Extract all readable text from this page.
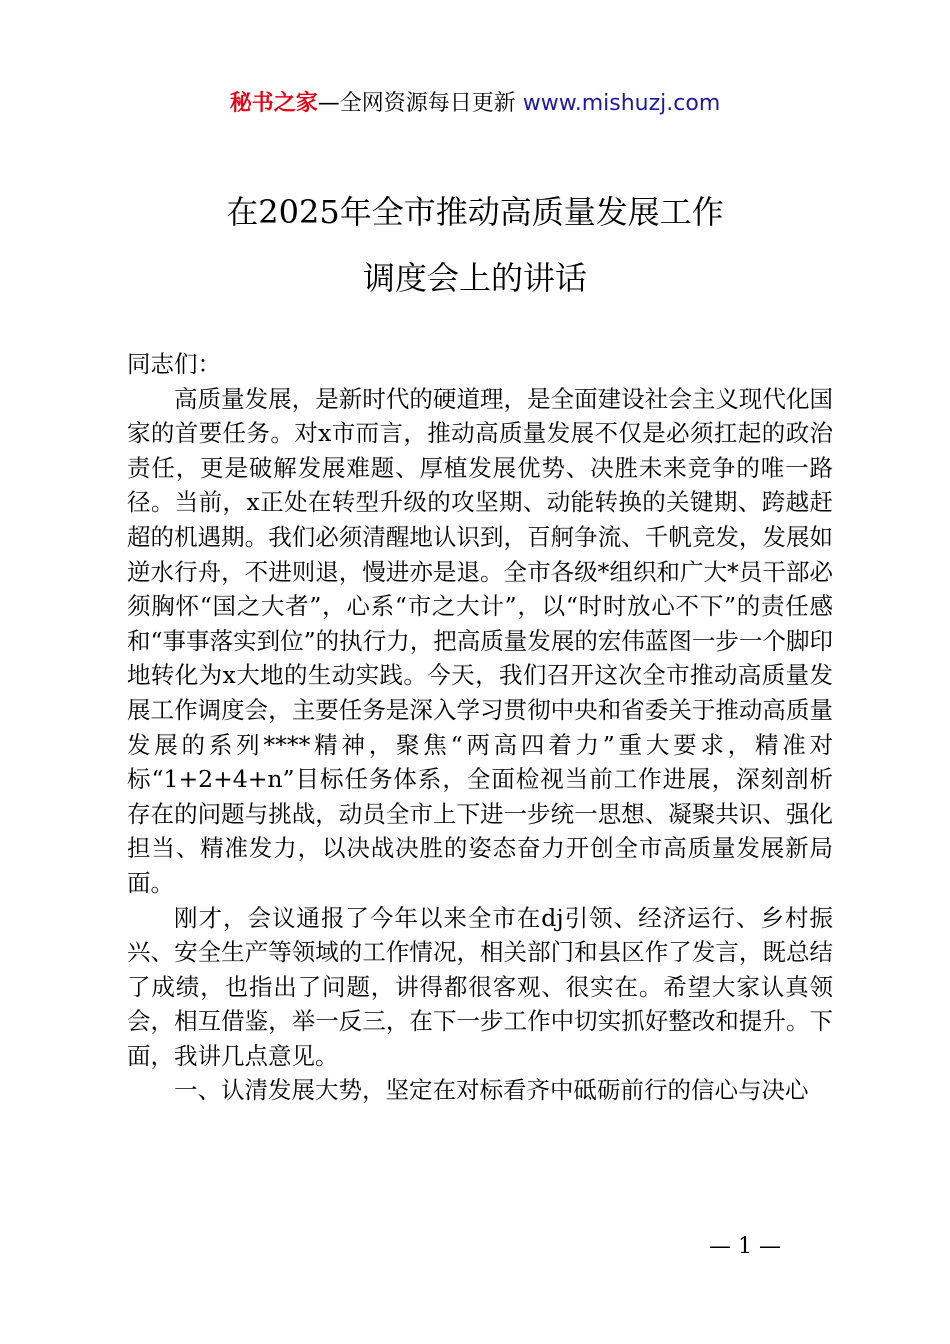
秘书之家—全网资源每日更新 www.mishuzj.com
在2025年全市推动高质量发展工作
调度会上的讲话

同志们：

高质量发展，是新时代的硬道理，是全面建设社会主义现代化国家的首要任务。对x市而言，推动高质量发展不仅是必须扛起的政治责任，更是破解发展难题、厚植发展优势、决胜未来竞争的唯一路径。当前，x正处在转型升级的攻坚期、动能转换的关键期、跨越赶超的机遇期。我们必须清醒地认识到，百舸争流、千帆竞发，发展如逆水行舟，不进则退，慢进亦是退。全市各级*组织和广大*员干部必须胸怀“国之大者”，心系“市之大计”，以“时时放心不下”的责任感和“事事落实到位”的执行力，把高质量发展的宏伟蓝图一步一个脚印地转化为x大地的生动实践。今天，我们召开这次全市推动高质量发展工作调度会，主要任务是深入学习贯彻中央和省委关于推动高质量发展的系列****精神，聚焦“两高四着力”重大要求，精准对标“1+2+4+n”目标任务体系，全面检视当前工作进展，深刻剖析存在的问题与挑战，动员全市上下进一步统一思想、凝聚共识、强化担当、精准发力，以决战决胜的姿态奋力开创全市高质量发展新局面。

刚才，会议通报了今年以来全市在dj引领、经济运行、乡村振兴、安全生产等领域的工作情况，相关部门和县区作了发言，既总结了成绩，也指出了问题，讲得都很客观、很实在。希望大家认真领会，相互借鉴，举一反三，在下一步工作中切实抓好整改和提升。下面，我讲几点意见。

一、认清发展大势，坚定在对标看齐中砥砺前行的信心与决心

— 1 —
